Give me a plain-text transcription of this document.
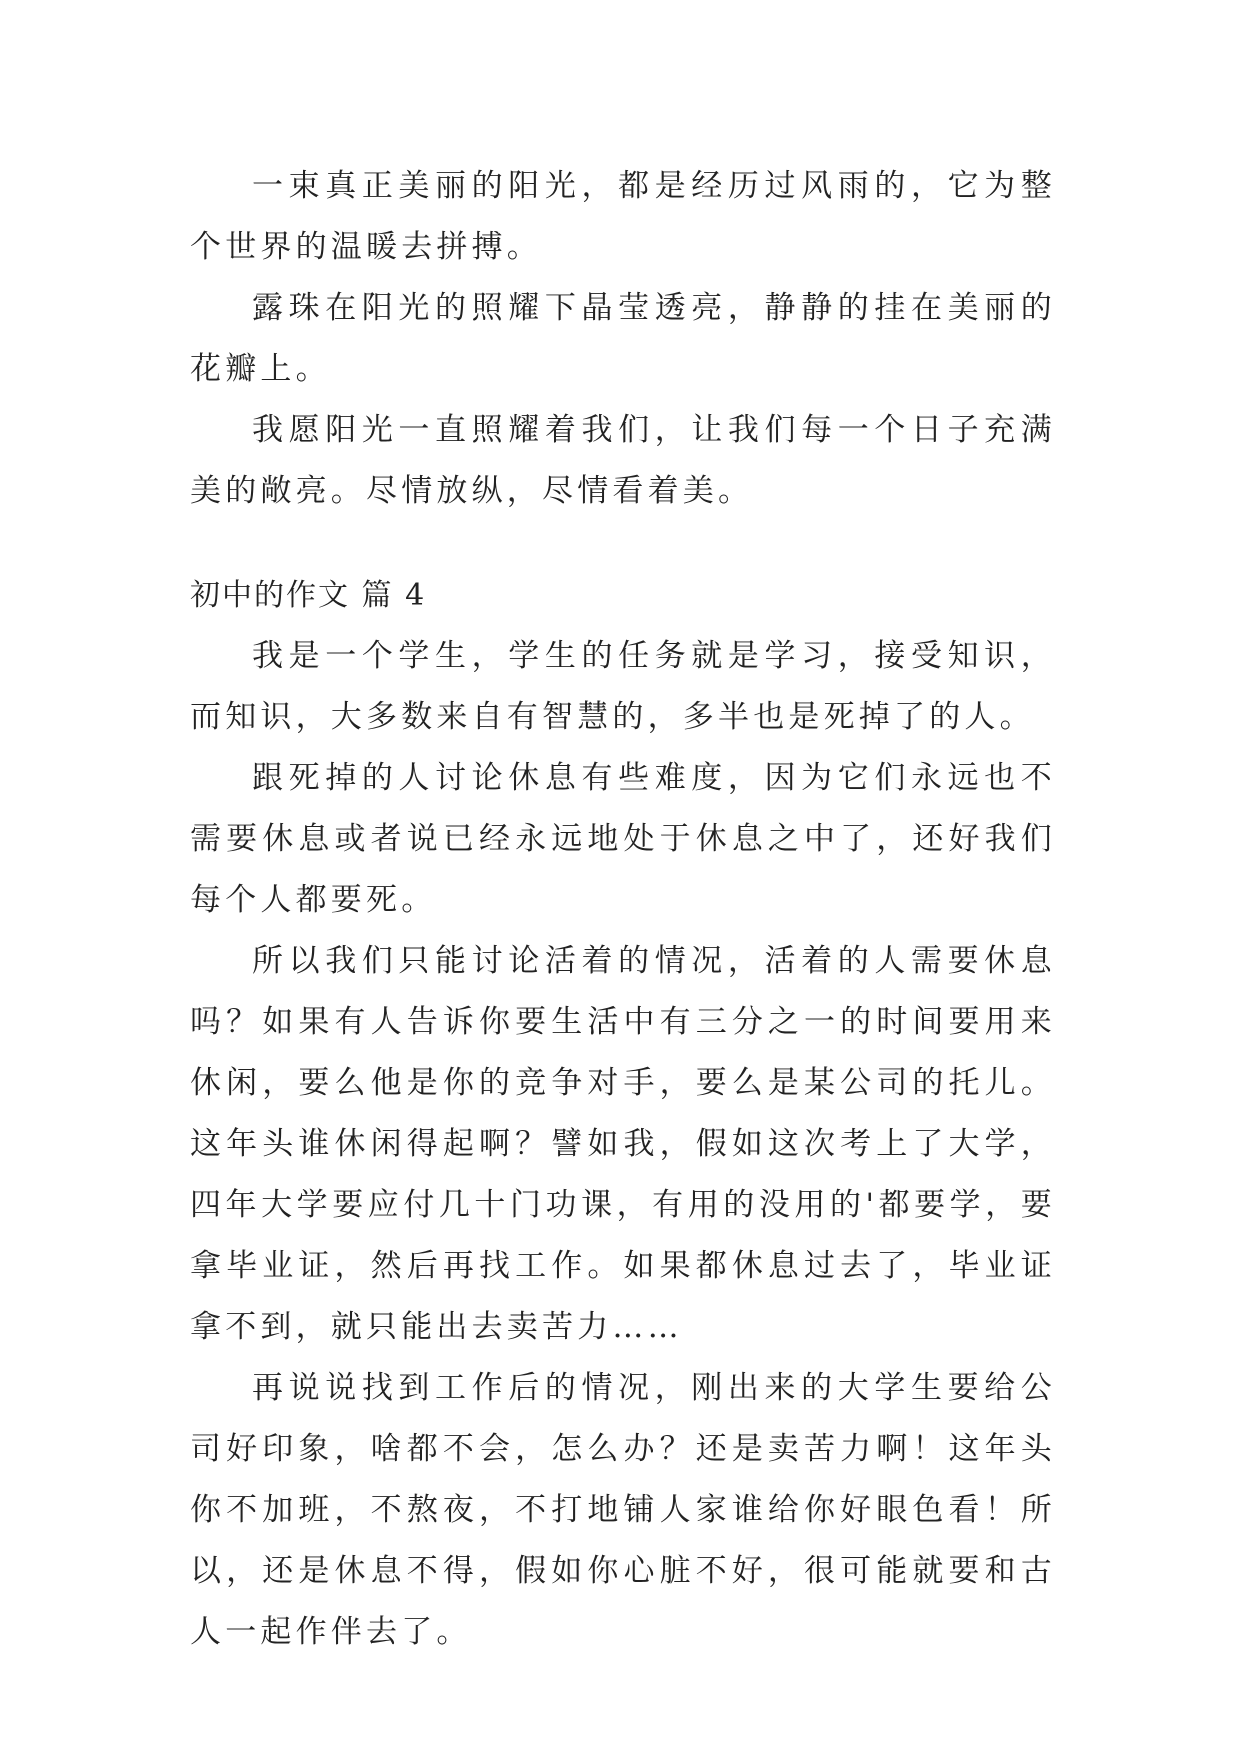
一束真正美丽的阳光，都是经历过风雨的，它为整个世界的温暖去拼搏。

露珠在阳光的照耀下晶莹透亮，静静的挂在美丽的花瓣上。

我愿阳光一直照耀着我们，让我们每一个日子充满美的敞亮。尽情放纵，尽情看着美。

初中的作文 篇 4

我是一个学生，学生的任务就是学习，接受知识，而知识，大多数来自有智慧的，多半也是死掉了的人。

跟死掉的人讨论休息有些难度，因为它们永远也不需要休息或者说已经永远地处于休息之中了，还好我们每个人都要死。

所以我们只能讨论活着的情况，活着的人需要休息吗？如果有人告诉你要生活中有三分之一的时间要用来休闲，要么他是你的竞争对手，要么是某公司的托儿。这年头谁休闲得起啊？譬如我，假如这次考上了大学，四年大学要应付几十门功课，有用的没用的'都要学，要拿毕业证，然后再找工作。如果都休息过去了，毕业证拿不到，就只能出去卖苦力……

再说说找到工作后的情况，刚出来的大学生要给公司好印象，啥都不会，怎么办？还是卖苦力啊！这年头你不加班，不熬夜，不打地铺人家谁给你好眼色看！所以，还是休息不得，假如你心脏不好，很可能就要和古人一起作伴去了。
